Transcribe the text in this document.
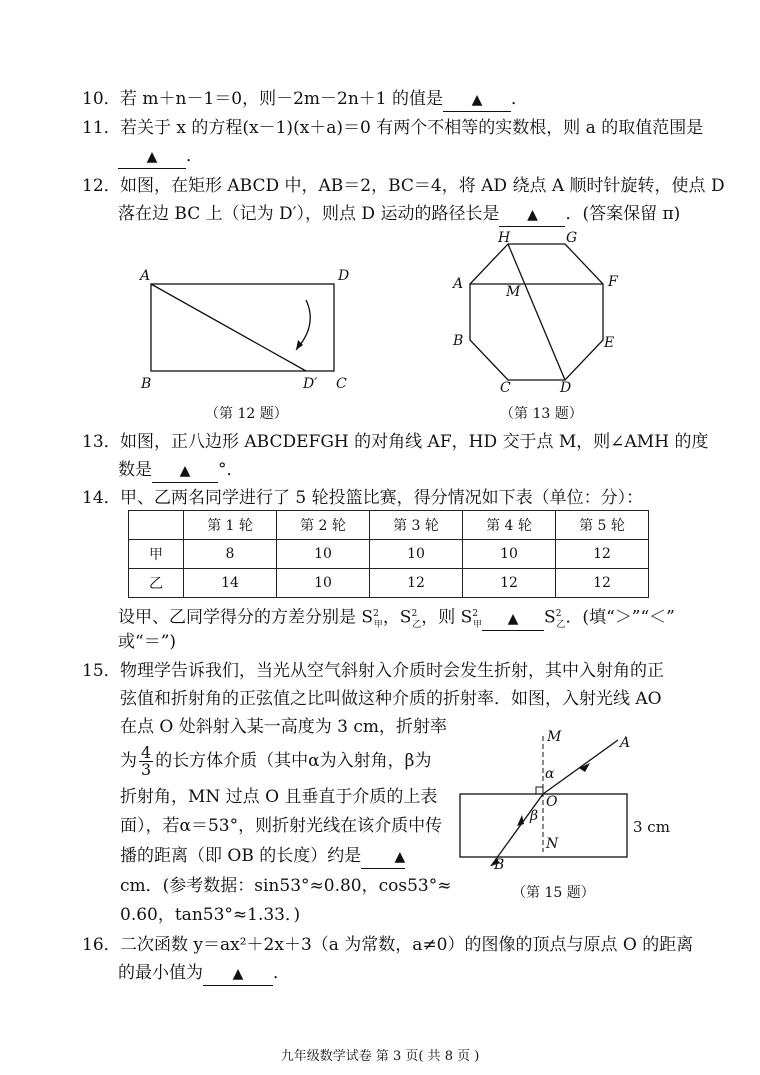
10．若 m＋n－1＝0，则－2m－2n＋1 的值是 ▲ ．
11．若关于 x 的方程(x－1)(x＋a)＝0 有两个不相等的实数根，则 a 的取值范围是
▲ ．
12．如图，在矩形 ABCD 中，AB＝2，BC＝4，将 AD 绕点 A 顺时针旋转，使点 D
落在边 BC 上（记为 D′），则点 D 运动的路径长是 ▲ ．(答案保留 π)
A	D
B	D′ C
（第 12 题）
H	G
A	M
F
B	E
C	D
（第 13 题）
13．如图，正八边形 ABCDEFGH 的对角线 AF，HD 交于点 M，则∠AMH 的度
数是 ▲ °．
14．甲、乙两名同学进行了 5 轮投篮比赛，得分情况如下表（单位：分）：
	第 1 轮	第 2 轮	第 3 轮	第 4 轮	第 5 轮
甲	8	10	10	10	12
乙	14	10	12	12	12
设甲、乙同学得分的方差分别是 $S^2_甲$，$S^2_乙$，则 $S^2_甲$ ▲ $S^2_乙$．(填“＞”“＜”
或“＝”)
15．物理学告诉我们，当光从空气斜射入介质时会发生折射，其中入射角的正
弦值和折射角的正弦值之比叫做这种介质的折射率．如图，入射光线 AO
在点 O 处斜射入某一高度为 3 cm，折射率
为 $\frac{4}{3}$ 的长方体介质（其中α为入射角，β为
折射角，MN 过点 O 且垂直于介质的上表
面），若α＝53°，则折射光线在该介质中传
播的距离（即 OB 的长度）约是 ▲
cm．(参考数据：sin53°≈0.80，cos53°≈
0.60，tan53°≈1.33．)
M	A
α
O
β
N
B
3 cm
（第 15 题）
16．二次函数 y＝ax²＋2x＋3（a 为常数，a≠0）的图像的顶点与原点 O 的距离
的最小值为 ▲ ．
九年级数学试卷 第 3 页( 共 8 页 )
